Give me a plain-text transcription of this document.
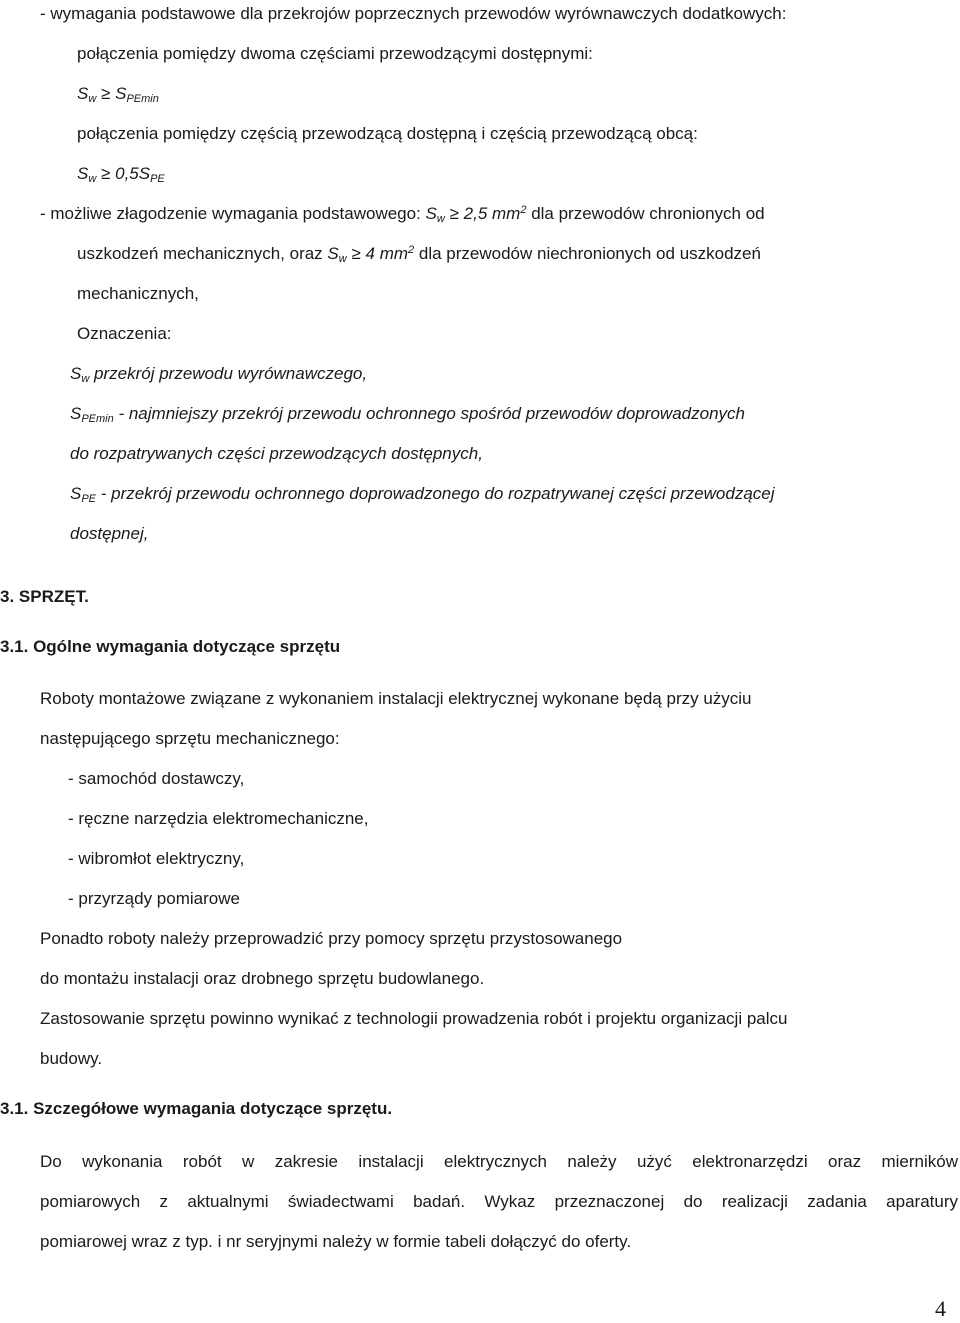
- wymagania podstawowe dla przekrojów poprzecznych przewodów wyrównawczych dodatkowych:
połączenia pomiędzy dwoma częściami przewodzącymi dostępnymi:
$S_w \ge S_{PEmin}$
połączenia pomiędzy częścią przewodzącą dostępną i częścią przewodzącą obcą:
$S_w \ge 0,5S_{PE}$
- możliwe złagodzenie wymagania podstawowego: $S_w \ge 2,5$ $mm^2$ dla przewodów chronionych od
uszkodzeń mechanicznych, oraz $S_w \ge 4$ $mm^2$ dla przewodów niechronionych od uszkodzeń
mechanicznych,
Oznaczenia:
$S_w$ przekrój przewodu wyrównawczego,
$S_{PEmin}$ - najmniejszy przekrój przewodu ochronnego spośród przewodów doprowadzonych
do rozpatrywanych części przewodzących dostępnych,
$S_{PE}$ - przekrój przewodu ochronnego doprowadzonego do rozpatrywanej części przewodzącej
dostępnej,
3. SPRZĘT.
3.1. Ogólne wymagania dotyczące sprzętu
Roboty montażowe związane z wykonaniem instalacji elektrycznej wykonane będą przy użyciu
następującego sprzętu mechanicznego:
- samochód dostawczy,
- ręczne narzędzia elektromechaniczne,
- wibromłot elektryczny,
- przyrządy pomiarowe
Ponadto roboty należy przeprowadzić przy pomocy sprzętu przystosowanego
do montażu instalacji oraz drobnego sprzętu budowlanego.
Zastosowanie sprzętu powinno wynikać z technologii prowadzenia robót i projektu organizacji palcu
budowy.
3.1. Szczegółowe wymagania dotyczące sprzętu.
Do wykonania robót w zakresie instalacji elektrycznych należy użyć elektronarzędzi oraz mierników
pomiarowych z aktualnymi świadectwami badań. Wykaz przeznaczonej do realizacji zadania aparatury
pomiarowej wraz z typ. i nr seryjnymi należy w formie tabeli dołączyć do oferty.
4
